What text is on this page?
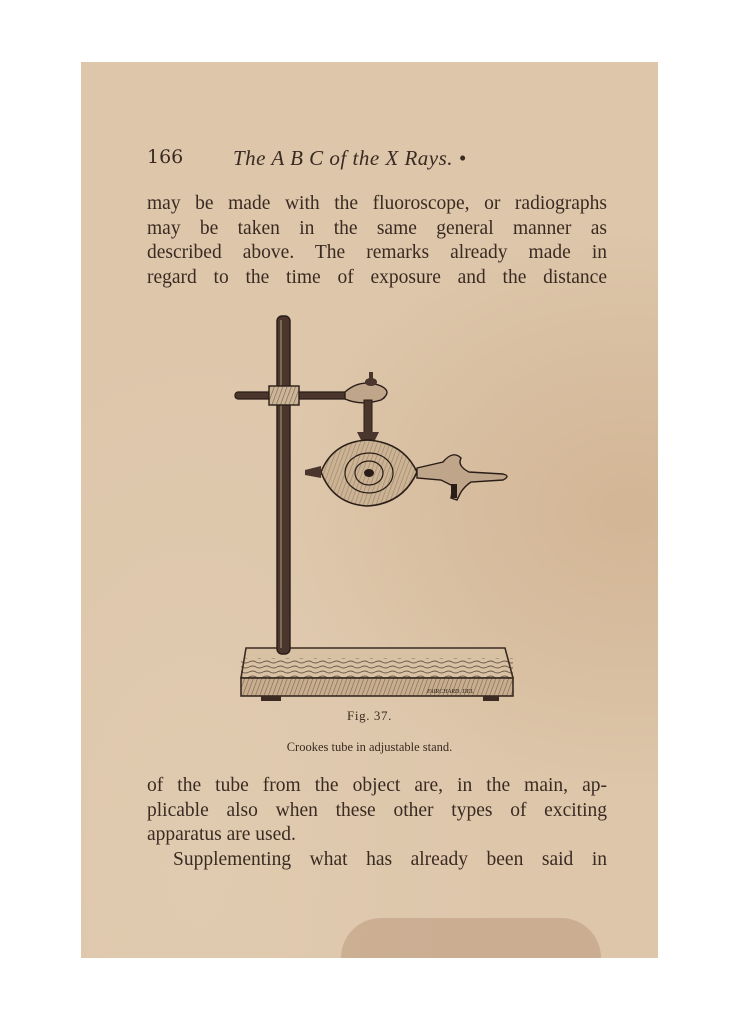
166 The A B C of the X Rays. •
may be made with the fluoroscope, or radiographs
may be taken in the same general manner as
described above. The remarks already made in
regard to the time of exposure and the distance
FAIRCHARD. DEL
Fig. 37.
Crookes tube in adjustable stand.
of the tube from the object are, in the main, ap-
plicable also when these other types of exciting
apparatus are used.
Supplementing what has already been said in
